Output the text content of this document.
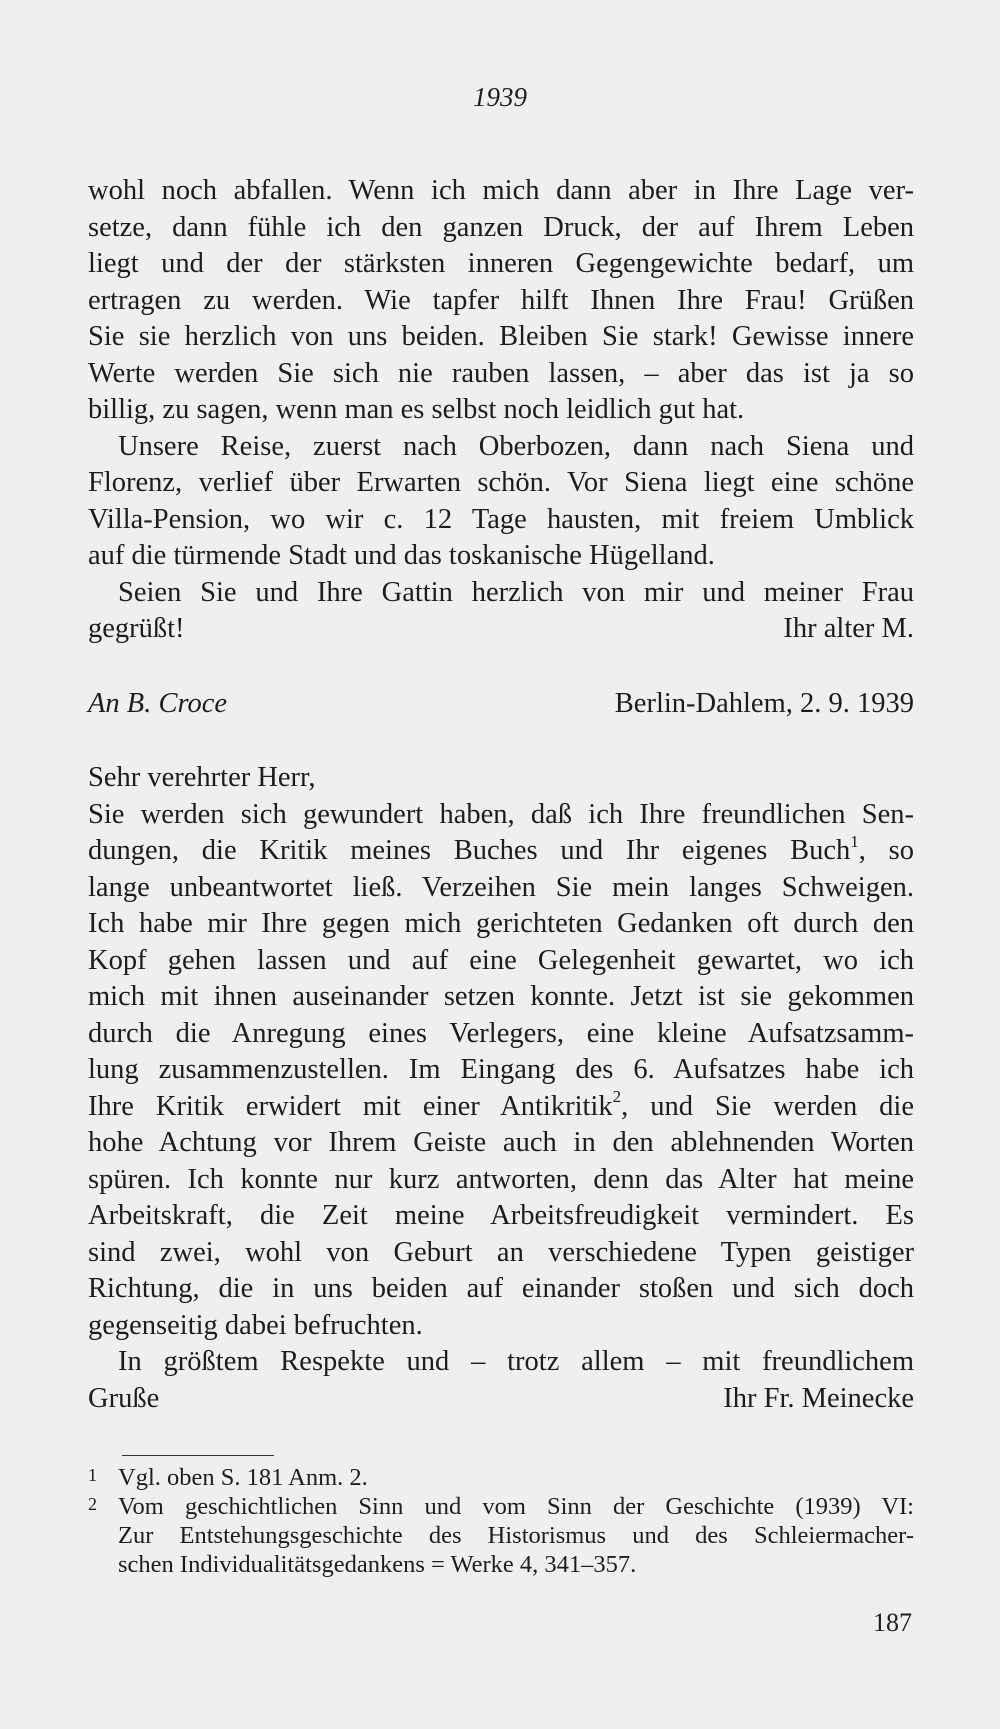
1939
wohl noch abfallen. Wenn ich mich dann aber in Ihre Lage ver-
setze, dann fühle ich den ganzen Druck, der auf Ihrem Leben
liegt und der der stärksten inneren Gegengewichte bedarf, um
ertragen zu werden. Wie tapfer hilft Ihnen Ihre Frau! Grüßen
Sie sie herzlich von uns beiden. Bleiben Sie stark! Gewisse innere
Werte werden Sie sich nie rauben lassen, – aber das ist ja so
billig, zu sagen, wenn man es selbst noch leidlich gut hat.
Unsere Reise, zuerst nach Oberbozen, dann nach Siena und
Florenz, verlief über Erwarten schön. Vor Siena liegt eine schöne
Villa-Pension, wo wir c. 12 Tage hausten, mit freiem Umblick
auf die türmende Stadt und das toskanische Hügelland.
Seien Sie und Ihre Gattin herzlich von mir und meiner Frau
gegrüßt!	Ihr alter M.
An B. Croce	Berlin-Dahlem, 2. 9. 1939
Sehr verehrter Herr,
Sie werden sich gewundert haben, daß ich Ihre freundlichen Sen-
dungen, die Kritik meines Buches und Ihr eigenes Buch$^1$, so
lange unbeantwortet ließ. Verzeihen Sie mein langes Schweigen.
Ich habe mir Ihre gegen mich gerichteten Gedanken oft durch den
Kopf gehen lassen und auf eine Gelegenheit gewartet, wo ich
mich mit ihnen auseinander setzen konnte. Jetzt ist sie gekommen
durch die Anregung eines Verlegers, eine kleine Aufsatzsamm-
lung zusammenzustellen. Im Eingang des 6. Aufsatzes habe ich
Ihre Kritik erwidert mit einer Antikritik$^2$, und Sie werden die
hohe Achtung vor Ihrem Geiste auch in den ablehnenden Worten
spüren. Ich konnte nur kurz antworten, denn das Alter hat meine
Arbeitskraft, die Zeit meine Arbeitsfreudigkeit vermindert. Es
sind zwei, wohl von Geburt an verschiedene Typen geistiger
Richtung, die in uns beiden auf einander stoßen und sich doch
gegenseitig dabei befruchten.
In größtem Respekte und – trotz allem – mit freundlichem
Gruße	Ihr Fr. Meinecke
1 Vgl. oben S. 181 Anm. 2.
2 Vom geschichtlichen Sinn und vom Sinn der Geschichte (1939) VI:
Zur Entstehungsgeschichte des Historismus und des Schleiermacher-
schen Individualitätsgedankens = Werke 4, 341–357.
187
